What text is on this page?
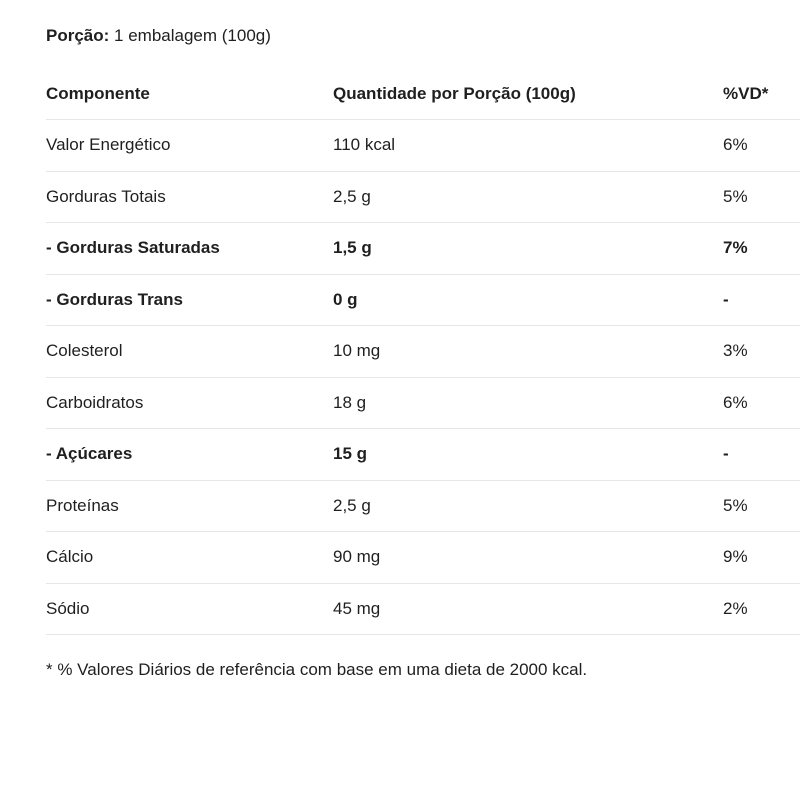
Porção: 1 embalagem (100g)

Componente	Quantidade por Porção (100g)	%VD*
Valor Energético	110 kcal	6%
Gorduras Totais	2,5 g	5%
- Gorduras Saturadas	1,5 g	7%
- Gorduras Trans	0 g	-
Colesterol	10 mg	3%
Carboidratos	18 g	6%
- Açúcares	15 g	-
Proteínas	2,5 g	5%
Cálcio	90 mg	9%
Sódio	45 mg	2%

* % Valores Diários de referência com base em uma dieta de 2000 kcal.
